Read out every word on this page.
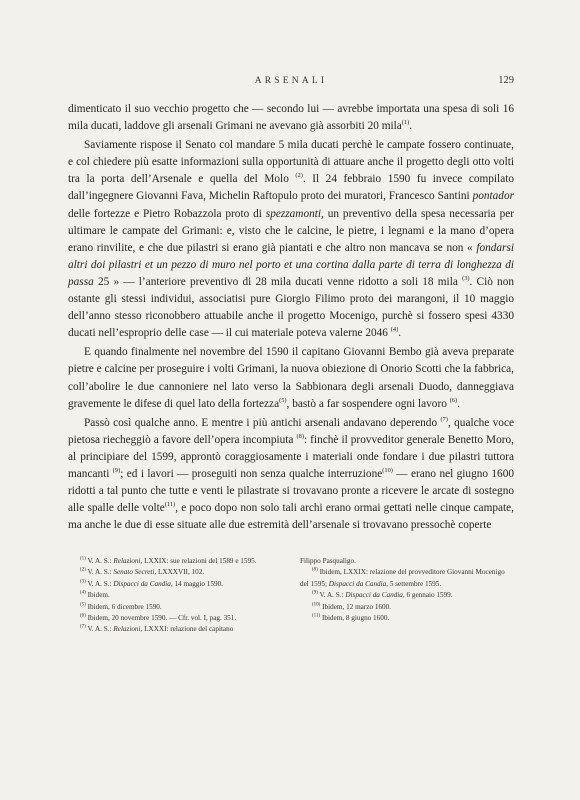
ARSENALI	129

dimenticato il suo vecchio progetto che — secondo lui — avrebbe importata una spesa di soli 16 mila ducati, laddove gli arsenali Grimani ne avevano già assorbiti 20 mila$^{(1)}$.

Saviamente rispose il Senato col mandare 5 mila ducati perchè le campate fossero continuate, e col chiedere più esatte informazioni sulla opportunità di attuare anche il progetto degli otto volti tra la porta dell’Arsenale e quella del Molo $^{(2)}$. Il 24 febbraio 1590 fu invece compilato dall’ingegnere Giovanni Fava, Michelin Raftopulo proto dei muratori, Francesco Santini pontador delle fortezze e Pietro Robazzola proto di spezzamonti, un preventivo della spesa necessaria per ultimare le campate del Grimani: e, visto che le calcine, le pietre, i legnami e la mano d’opera erano rinvilite, e che due pilastri si erano già piantati e che altro non mancava se non « fondarsi altri doi pilastri et un pezzo di muro nel porto et una cortina dalla parte di terra di longhezza di passa 25 » — l’anteriore preventivo di 28 mila ducati venne ridotto a soli 18 mila $^{(3)}$. Ciò non ostante gli stessi individui, associatisi pure Giorgio Filimo proto dei marangoni, il 10 maggio dell’anno stesso riconobbero attuabile anche il progetto Mocenigo, purchè si fossero spesi 4330 ducati nell’esproprio delle case — il cui materiale poteva valerne 2046 $^{(4)}$.

E quando finalmente nel novembre del 1590 il capitano Giovanni Bembo già aveva preparate pietre e calcine per proseguire i volti Grimani, la nuova obiezione di Onorio Scotti che la fabbrica, coll’abolire le due cannoniere nel lato verso la Sabbionara degli arsenali Duodo, danneggiava gravemente le difese di quel lato della fortezza$^{(5)}$, bastò a far sospendere ogni lavoro $^{(6)}$.

Passò così qualche anno. E mentre i più antichi arsenali andavano deperendo $^{(7)}$, qualche voce pietosa riecheggiò a favore dell’opera incompiuta $^{(8)}$: finchè il provveditor generale Benetto Moro, al principiare del 1599, approntò coraggiosamente i materiali onde fondare i due pilastri tuttora mancanti $^{(9)}$; ed i lavori — proseguiti non senza qualche interruzione$^{(10)}$ — erano nel giugno 1600 ridotti a tal punto che tutte e venti le pilastrate si trovavano pronte a ricevere le arcate di sostegno alle spalle delle volte$^{(11)}$, e poco dopo non solo tali archi erano ormai gettati nelle cinque campate, ma anche le due di esse situate alle due estremità dell’arsenale si trovavano pressochè coperte

$^{(1)}$ V. A. S.: Relazioni, LXXIX: sue relazioni del 1589 e 1595.

$^{(2)}$ V. A. S.: Senato Secreti, LXXXVII, 102.

$^{(3)}$ V. A. S.: Dispacci da Candia, 14 maggio 1590.

$^{(4)}$ Ibidem.

$^{(5)}$ Ibidem, 6 dicembre 1590.

$^{(6)}$ Ibidem, 20 novembre 1590. — Cfr. vol. I, pag. 351.

$^{(7)}$ V. A. S.: Relazioni, LXXXI: relazione del capitano

Filippo Pasqualigo.

$^{(8)}$ Ibidem, LXXIX: relazione del provveditore Giovanni Mocenigo del 1595; Dispacci da Candia, 5 settembre 1595.

$^{(9)}$ V. A. S.: Dispacci da Candia, 6 gennaio 1599.

$^{(10)}$ Ibidem, 12 marzo 1600.

$^{(11)}$ Ibidem, 8 giugno 1600.
